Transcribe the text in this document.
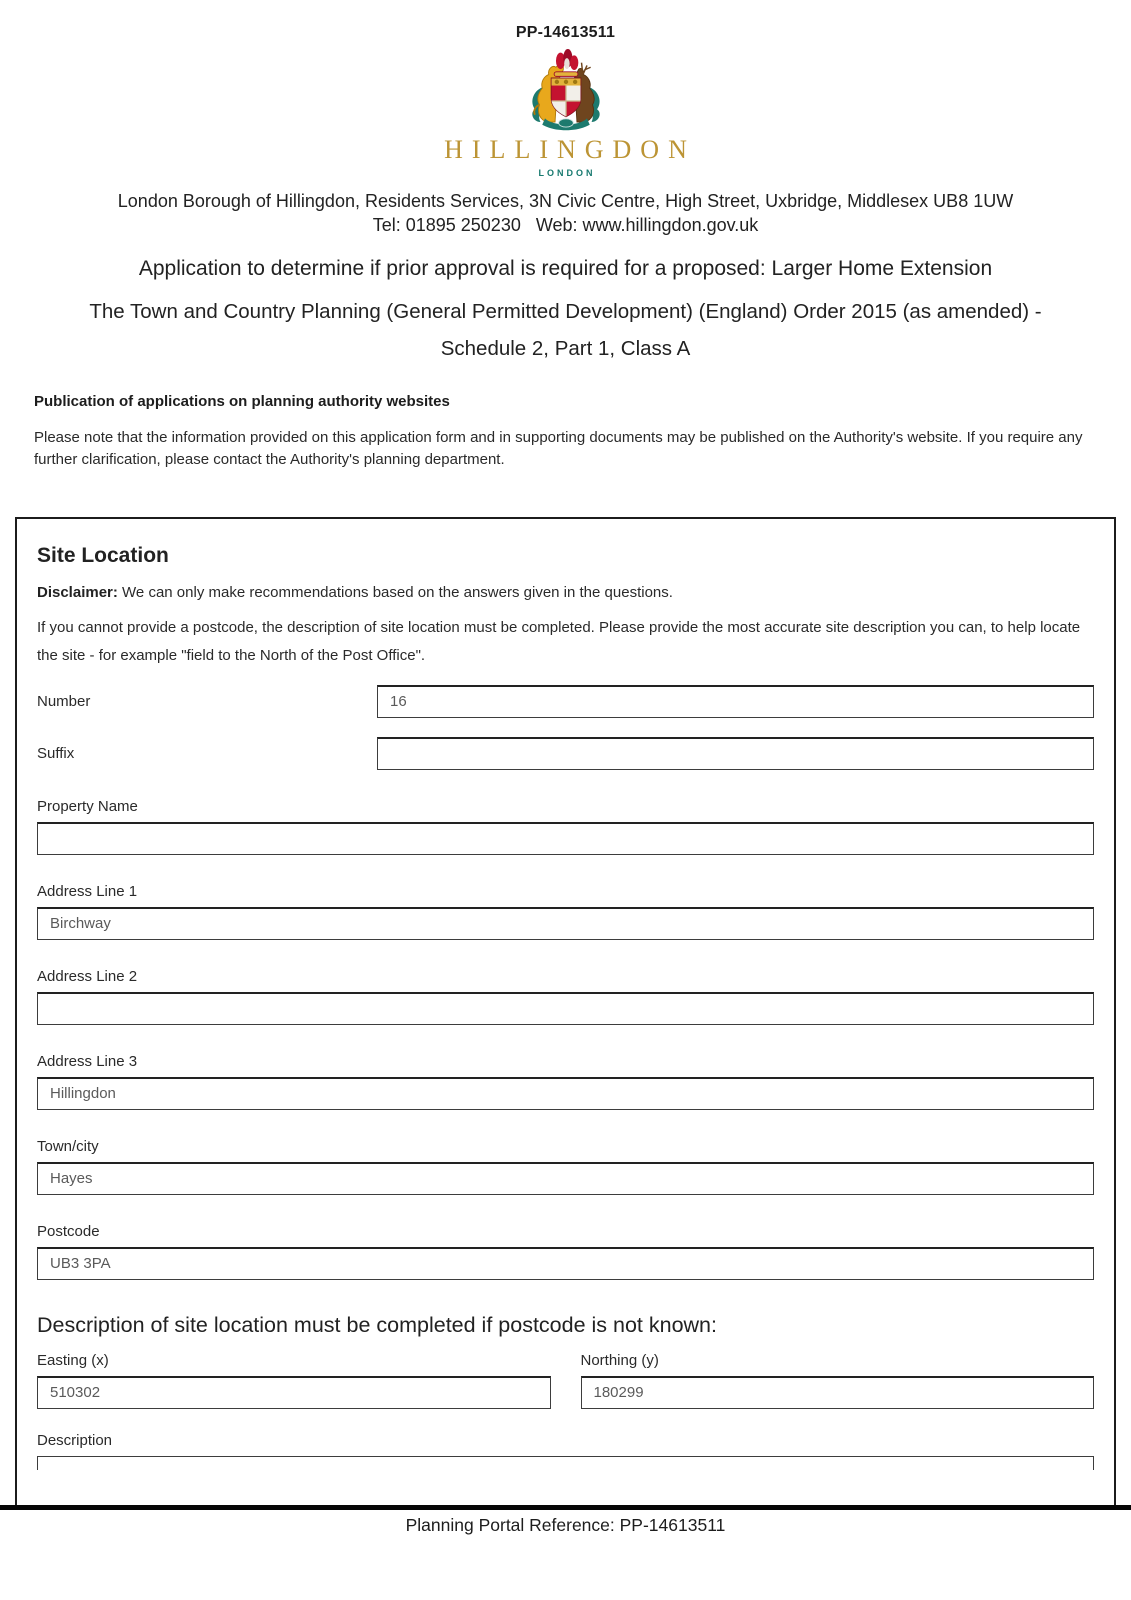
PP-14613511
HILLINGDON
LONDON
London Borough of Hillingdon, Residents Services, 3N Civic Centre, High Street, Uxbridge, Middlesex UB8 1UW
Tel: 01895 250230   Web: www.hillingdon.gov.uk
Application to determine if prior approval is required for a proposed: Larger Home Extension
The Town and Country Planning (General Permitted Development) (England) Order 2015 (as amended) - Schedule 2, Part 1, Class A
Publication of applications on planning authority websites
Please note that the information provided on this application form and in supporting documents may be published on the Authority's website. If you require any further clarification, please contact the Authority's planning department.
Site Location
Disclaimer: We can only make recommendations based on the answers given in the questions.
If you cannot provide a postcode, the description of site location must be completed. Please provide the most accurate site description you can, to help locate the site - for example "field to the North of the Post Office".
Number
16
Suffix
Property Name
Address Line 1
Birchway
Address Line 2
Address Line 3
Hillingdon
Town/city
Hayes
Postcode
UB3 3PA
Description of site location must be completed if postcode is not known:
Easting (x)
510302	Northing (y)
180299
Description
Planning Portal Reference: PP-14613511
